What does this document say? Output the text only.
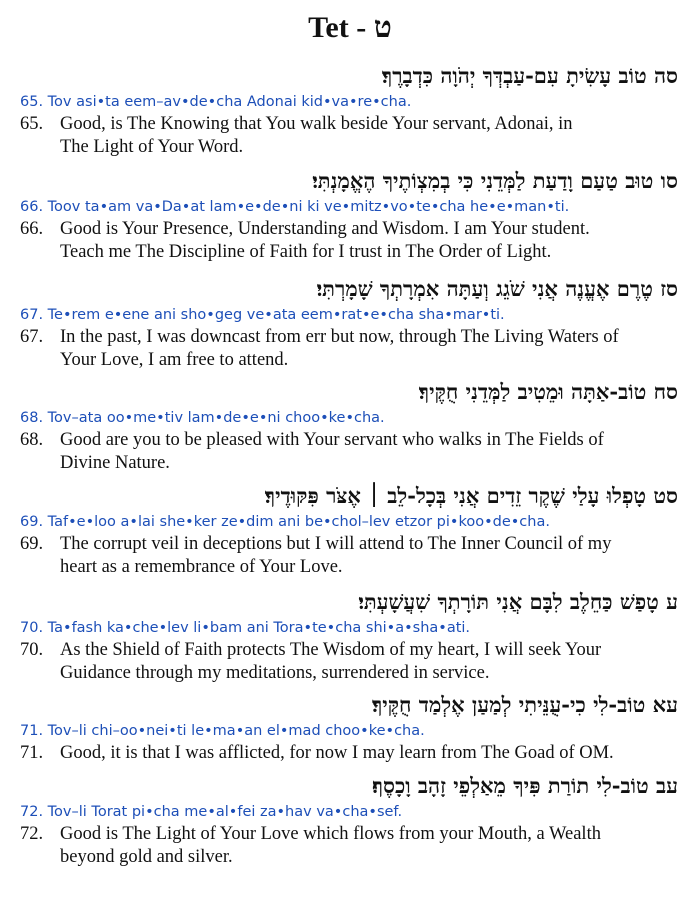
Tet - ט
סה טוֹב עָשִׂיתָ עִם-עַבְדְּךָ יְהֹוָה כִּדְבָרֶךָ׃
65. Tov asi•ta eem–av•de•cha Adonai kid•va•re•cha.
65. Good, is The Knowing that You walk beside Your servant, Adonai, in
The Light of Your Word.
סו טוּב טַעַם וָדַעַת לַמְּדֵנִי כִּי בְמִצְוֹתֶיךָ הֶאֱמָנְתִּי׃
66. Toov ta•am va•Da•at lam•e•de•ni ki ve•mitz•vo•te•cha he•e•man•ti.
66. Good is Your Presence, Understanding and Wisdom. I am Your student.
Teach me The Discipline of Faith for I trust in The Order of Light.
סז טֶרֶם אֶעֱנֶה אֲנִי שֹׁגֵג וְעַתָּה אִמְרָתְךָ שָׁמָרְתִּי׃
67. Te•rem e•ene ani sho•geg ve•ata eem•rat•e•cha sha•mar•ti.
67. In the past, I was downcast from err but now, through The Living Waters of
Your Love, I am free to attend.
סח טוֹב-אַתָּה וּמֵטִיב לַמְּדֵנִי חֻקֶּיךָ׃
68. Tov–ata oo•me•tiv lam•de•e•ni choo•ke•cha.
68. Good are you to be pleased with Your servant who walks in The Fields of
Divine Nature.
סט טָפְלוּ עָלַי שֶׁקֶר זֵדִים אֲנִי בְּכָל-לֵב ׀ אֶצֹּר פִּקּוּדֶיךָ׃
69. Taf•e•loo a•lai she•ker ze•dim ani be•chol–lev etzor pi•koo•de•cha.
69. The corrupt veil in deceptions but I will attend to The Inner Council of my
heart as a remembrance of Your Love.
ע טָפַשׁ כַּחֵלֶב לִבָּם אֲנִי תּוֹרָתְךָ שִׁעֲשָׁעְתִּי׃
70. Ta•fash ka•che•lev li•bam ani Tora•te•cha shi•a•sha•ati.
70. As the Shield of Faith protects The Wisdom of my heart, I will seek Your
Guidance through my meditations, surrendered in service.
עא טוֹב-לִי כִי-עֻנֵּיתִי לְמַעַן אֶלְמַד חֻקֶּיךָ׃
71. Tov–li chi–oo•nei•ti le•ma•an el•mad choo•ke•cha.
71. Good, it is that I was afflicted, for now I may learn from The Goad of OM.
עב טוֹב-לִי תוֹרַת פִּיךָ מֵאַלְפֵי זָהָב וָכָסֶף׃
72. Tov–li Torat pi•cha me•al•fei za•hav va•cha•sef.
72. Good is The Light of Your Love which flows from your Mouth, a Wealth
beyond gold and silver.
